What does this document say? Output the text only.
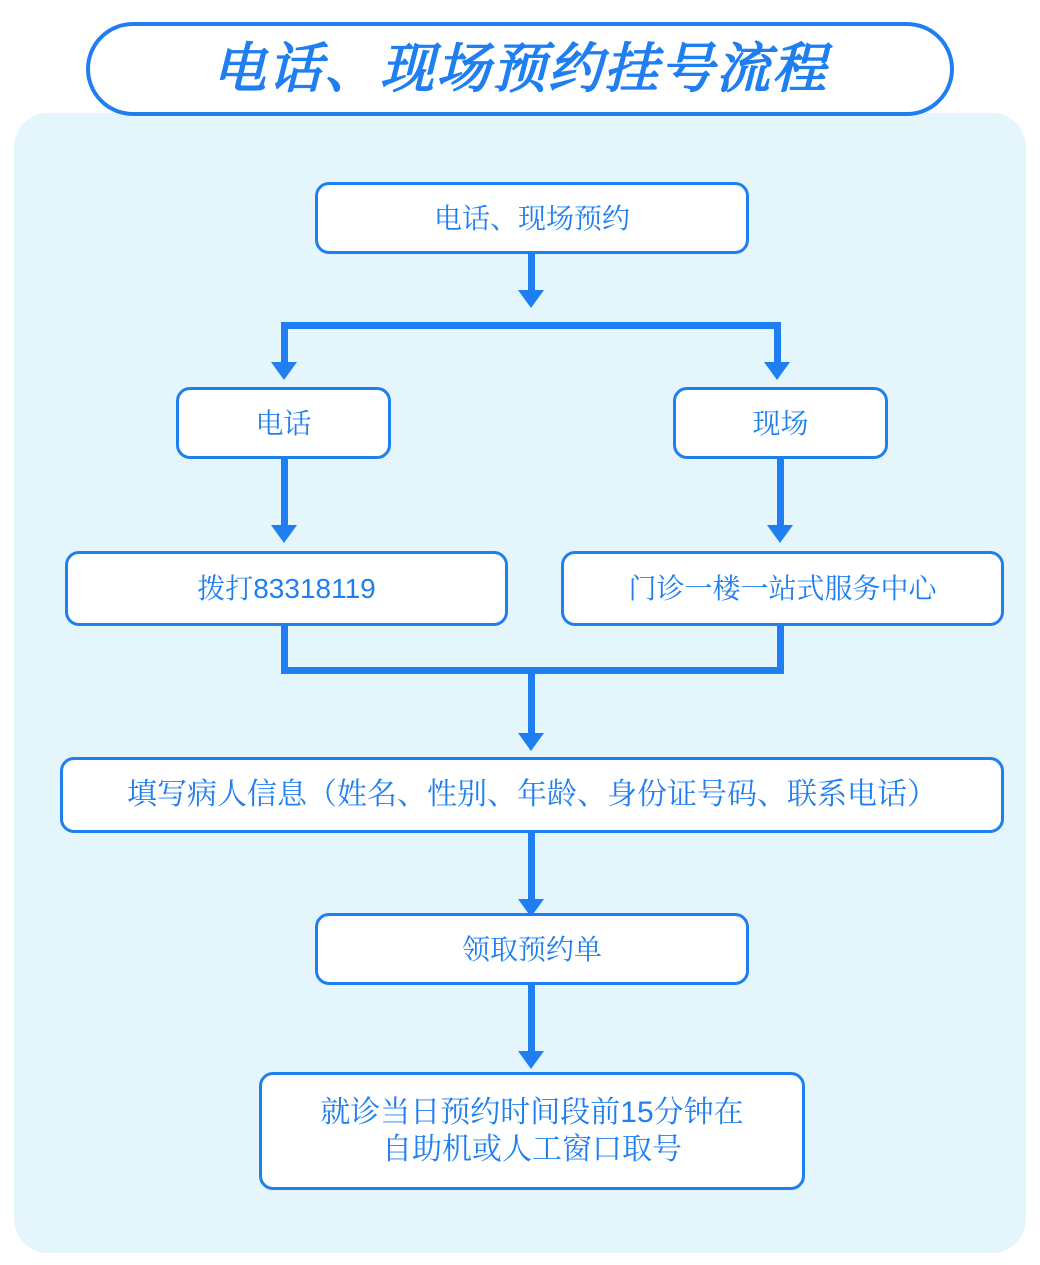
电话、现场预约挂号流程
电话、现场预约
电话	现场
拨打83318119	门诊一楼一站式服务中心
填写病人信息（姓名、性别、年龄、身份证号码、联系电话）
领取预约单
就诊当日预约时间段前15分钟在
自助机或人工窗口取号
